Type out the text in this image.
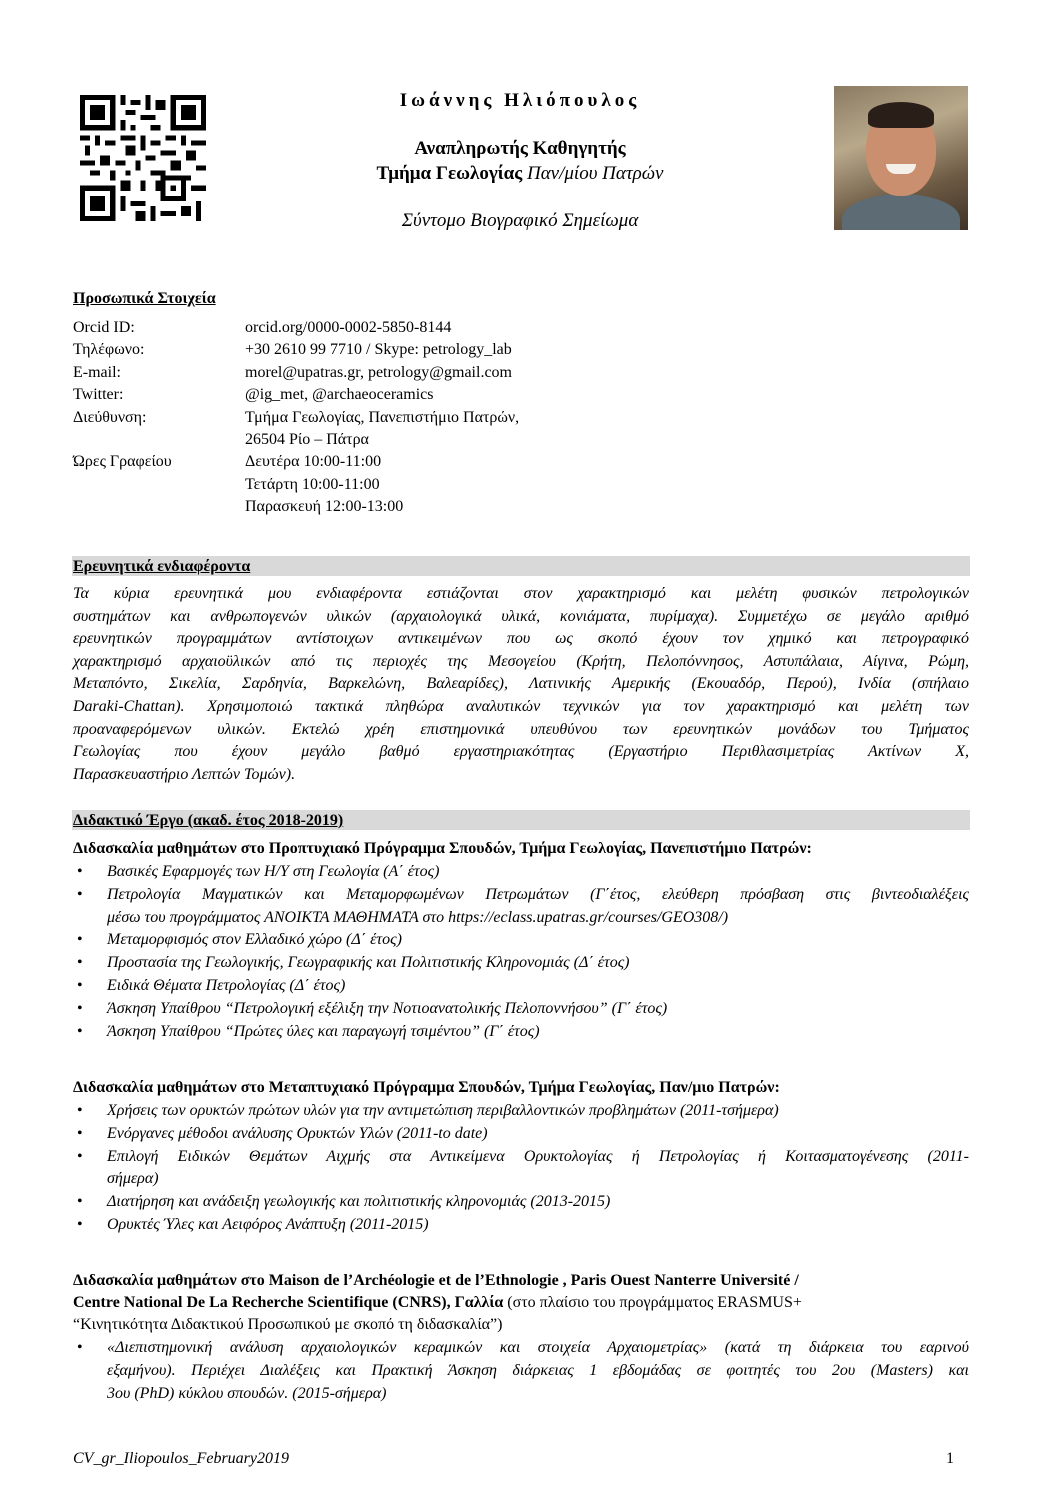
Ιωάννης Ηλιόπουλος
Αναπληρωτής Καθηγητής
Τμήμα Γεωλογίας Παν/μίου Πατρών
Σύντομο Βιογραφικό Σημείωμα
Προσωπικά Στοιχεία
Orcid ID:	orcid.org/0000-0002-5850-8144
Τηλέφωνο:	+30 2610 99 7710 / Skype: petrology_lab
E-mail:	morel@upatras.gr, petrology@gmail.com
Twitter:	@ig_met, @archaeoceramics
Διεύθυνση:	Τμήμα Γεωλογίας, Πανεπιστήμιο Πατρών,
26504 Ρίο – Πάτρα
Ώρες Γραφείου	Δευτέρα 10:00-11:00
Τετάρτη 10:00-11:00
Παρασκευή 12:00-13:00
Ερευνητικά ενδιαφέροντα
Τα κύρια ερευνητικά μου ενδιαφέροντα εστιάζονται στον χαρακτηρισμό και μελέτη φυσικών πετρολογικών
συστημάτων και ανθρωπογενών υλικών (αρχαιολογικά υλικά, κονιάματα, πυρίμαχα). Συμμετέχω σε μεγάλο αριθμό
ερευνητικών προγραμμάτων αντίστοιχων αντικειμένων που ως σκοπό έχουν τον χημικό και πετρογραφικό
χαρακτηρισμό αρχαιοϋλικών από τις περιοχές της Μεσογείου (Κρήτη, Πελοπόννησος, Αστυπάλαια, Αίγινα, Ρώμη,
Μεταπόντο, Σικελία, Σαρδηνία, Βαρκελώνη, Βαλεαρίδες), Λατινικής Αμερικής (Εκουαδόρ, Περού), Ινδία (σπήλαιο
Daraki-Chattan). Χρησιμοποιώ τακτικά πληθώρα αναλυτικών τεχνικών για τον χαρακτηρισμό και μελέτη των
προαναφερόμενων υλικών. Εκτελώ χρέη επιστημονικά υπευθύνου των ερευνητικών μονάδων του Τμήματος
Γεωλογίας που έχουν μεγάλο βαθμό εργαστηριακότητας (Εργαστήριο Περιθλασιμετρίας Ακτίνων Χ,
Παρασκευαστήριο Λεπτών Τομών).
Διδακτικό Έργο (ακαδ. έτος 2018-2019)
Διδασκαλία μαθημάτων στο Προπτυχιακό Πρόγραμμα Σπουδών, Τμήμα Γεωλογίας, Πανεπιστήμιο Πατρών:
• Βασικές Εφαρμογές των Η/Υ στη Γεωλογία (Α΄ έτος)
• Πετρολογία Μαγματικών και Μεταμορφωμένων Πετρωμάτων (Γ΄έτος, ελεύθερη πρόσβαση στις βιντεοδιαλέξεις
μέσω του προγράμματος ΑΝΟΙΚΤΑ ΜΑΘΗΜΑΤΑ στο https://eclass.upatras.gr/courses/GEO308/)
• Μεταμορφισμός στον Ελλαδικό χώρο (Δ΄ έτος)
• Προστασία της Γεωλογικής, Γεωγραφικής και Πολιτιστικής Κληρονομιάς (Δ΄ έτος)
• Ειδικά Θέματα Πετρολογίας (Δ΄ έτος)
• Άσκηση Υπαίθρου “Πετρολογική εξέλιξη την Νοτιοανατολικής Πελοποννήσου” (Γ΄ έτος)
• Άσκηση Υπαίθρου “Πρώτες ύλες και παραγωγή τσιμέντου” (Γ΄ έτος)
Διδασκαλία μαθημάτων στο Μεταπτυχιακό Πρόγραμμα Σπουδών, Τμήμα Γεωλογίας, Παν/μιο Πατρών:
• Χρήσεις των ορυκτών πρώτων υλών για την αντιμετώπιση περιβαλλοντικών προβλημάτων (2011-τσήμερα)
• Ενόργανες μέθοδοι ανάλυσης Ορυκτών Υλών (2011-to date)
• Επιλογή Ειδικών Θεμάτων Αιχμής στα Αντικείμενα Ορυκτολογίας ή Πετρολογίας ή Κοιτασματογένεσης (2011-
σήμερα)
• Διατήρηση και ανάδειξη γεωλογικής και πολιτιστικής κληρονομιάς (2013-2015)
• Ορυκτές Ύλες και Αειφόρος Ανάπτυξη (2011-2015)
Διδασκαλία μαθημάτων στο Maison de l’Archéologie et de l’Ethnologie , Paris Ouest Nanterre Université /
Centre National De La Recherche Scientifique (CNRS), Γαλλία (στο πλαίσιο του προγράμματος ERASMUS+
“Κινητικότητα Διδακτικού Προσωπικού με σκοπό τη διδασκαλία”)
• «Διεπιστημονική ανάλυση αρχαιολογικών κεραμικών και στοιχεία Αρχαιομετρίας» (κατά τη διάρκεια του εαρινού
εξαμήνου). Περιέχει Διαλέξεις και Πρακτική Άσκηση διάρκειας 1 εβδομάδας σε φοιτητές του 2ου (Masters) και
3ου (PhD) κύκλου σπουδών. (2015-σήμερα)
CV_gr_Iliopoulos_February2019	1
